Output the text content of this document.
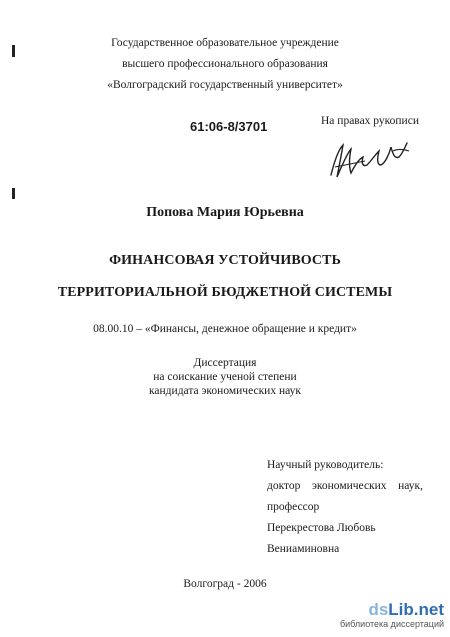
Государственное образовательное учреждение
высшего профессионального образования
«Волгоградский государственный университет»
61:06-8/3701	На правах рукописи
Попова Мария Юрьевна
ФИНАНСОВАЯ УСТОЙЧИВОСТЬ
ТЕРРИТОРИАЛЬНОЙ БЮДЖЕТНОЙ СИСТЕМЫ
08.00.10 – «Финансы, денежное обращение и кредит»
Диссертация
на соискание ученой степени
кандидата экономических наук
Научный руководитель:
доктор экономических наук,
профессор
Перекрестова Любовь
Вениаминовна
Волгоград - 2006
dsLib.net
библиотека диссертаций
